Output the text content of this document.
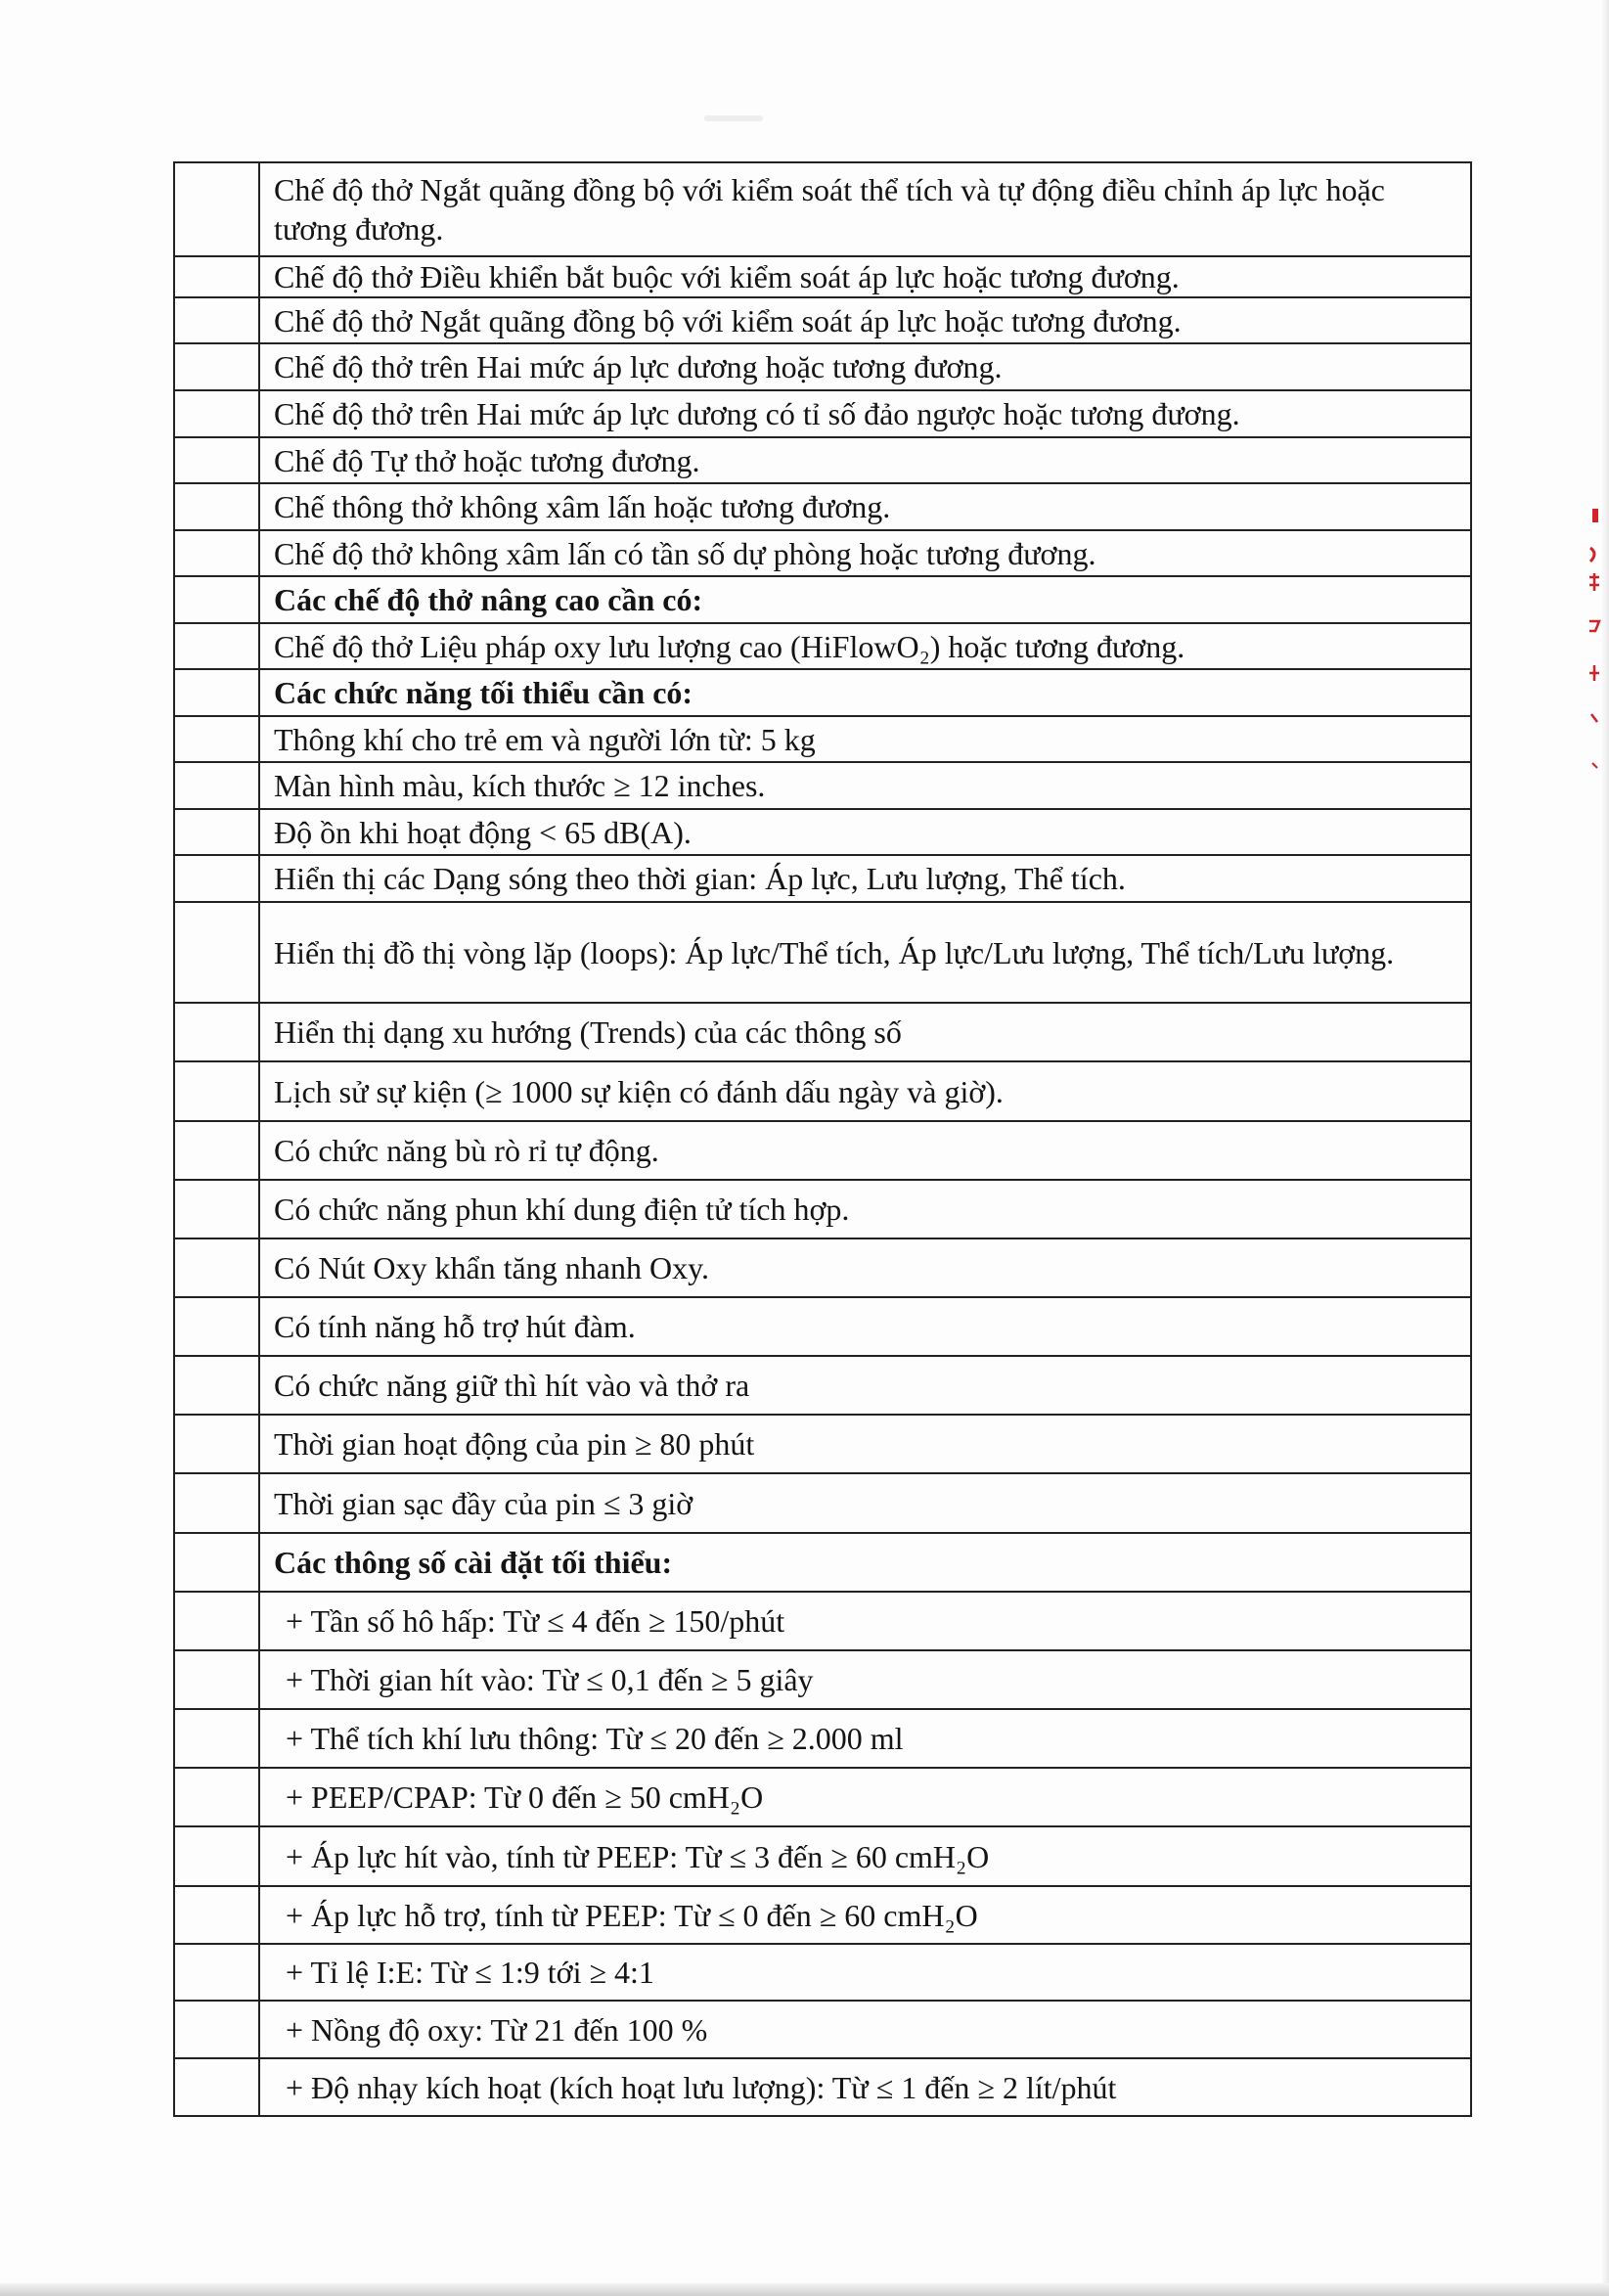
	Chế độ thở Ngắt quãng đồng bộ với kiểm soát thể tích và tự động điều chỉnh áp lực hoặc tương đương.
	Chế độ thở Điều khiển bắt buộc với kiểm soát áp lực hoặc tương đương.
	Chế độ thở Ngắt quãng đồng bộ với kiểm soát áp lực hoặc tương đương.
	Chế độ thở trên Hai mức áp lực dương hoặc tương đương.
	Chế độ thở trên Hai mức áp lực dương có tỉ số đảo ngược hoặc tương đương.
	Chế độ Tự thở hoặc tương đương.
	Chế thông thở không xâm lấn hoặc tương đương.
	Chế độ thở không xâm lấn có tần số dự phòng hoặc tương đương.
	Các chế độ thở nâng cao cần có:
	Chế độ thở Liệu pháp oxy lưu lượng cao (HiFlowO₂) hoặc tương đương.
	Các chức năng tối thiểu cần có:
	Thông khí cho trẻ em và người lớn từ: 5 kg
	Màn hình màu, kích thước ≥ 12 inches.
	Độ ồn khi hoạt động < 65 dB(A).
	Hiển thị các Dạng sóng theo thời gian: Áp lực, Lưu lượng, Thể tích.
	Hiển thị đồ thị vòng lặp (loops): Áp lực/Thể tích, Áp lực/Lưu lượng, Thể tích/Lưu lượng.
	Hiển thị dạng xu hướng (Trends) của các thông số
	Lịch sử sự kiện (≥ 1000 sự kiện có đánh dấu ngày và giờ).
	Có chức năng bù rò rỉ tự động.
	Có chức năng phun khí dung điện tử tích hợp.
	Có Nút Oxy khẩn tăng nhanh Oxy.
	Có tính năng hỗ trợ hút đàm.
	Có chức năng giữ thì hít vào và thở ra
	Thời gian hoạt động của pin ≥ 80 phút
	Thời gian sạc đầy của pin ≤ 3 giờ
	Các thông số cài đặt tối thiểu:
	+ Tần số hô hấp: Từ ≤ 4 đến ≥ 150/phút
	+ Thời gian hít vào: Từ ≤ 0,1 đến ≥ 5 giây
	+ Thể tích khí lưu thông: Từ ≤ 20 đến ≥ 2.000 ml
	+ PEEP/CPAP: Từ 0 đến ≥ 50 cmH₂O
	+ Áp lực hít vào, tính từ PEEP: Từ ≤ 3 đến ≥ 60 cmH₂O
	+ Áp lực hỗ trợ, tính từ PEEP: Từ ≤ 0 đến ≥ 60 cmH₂O
	+ Tỉ lệ I:E: Từ ≤ 1:9 tới ≥ 4:1
	+ Nồng độ oxy: Từ 21 đến 100 %
	+ Độ nhạy kích hoạt (kích hoạt lưu lượng): Từ ≤ 1 đến ≥ 2 lít/phút
